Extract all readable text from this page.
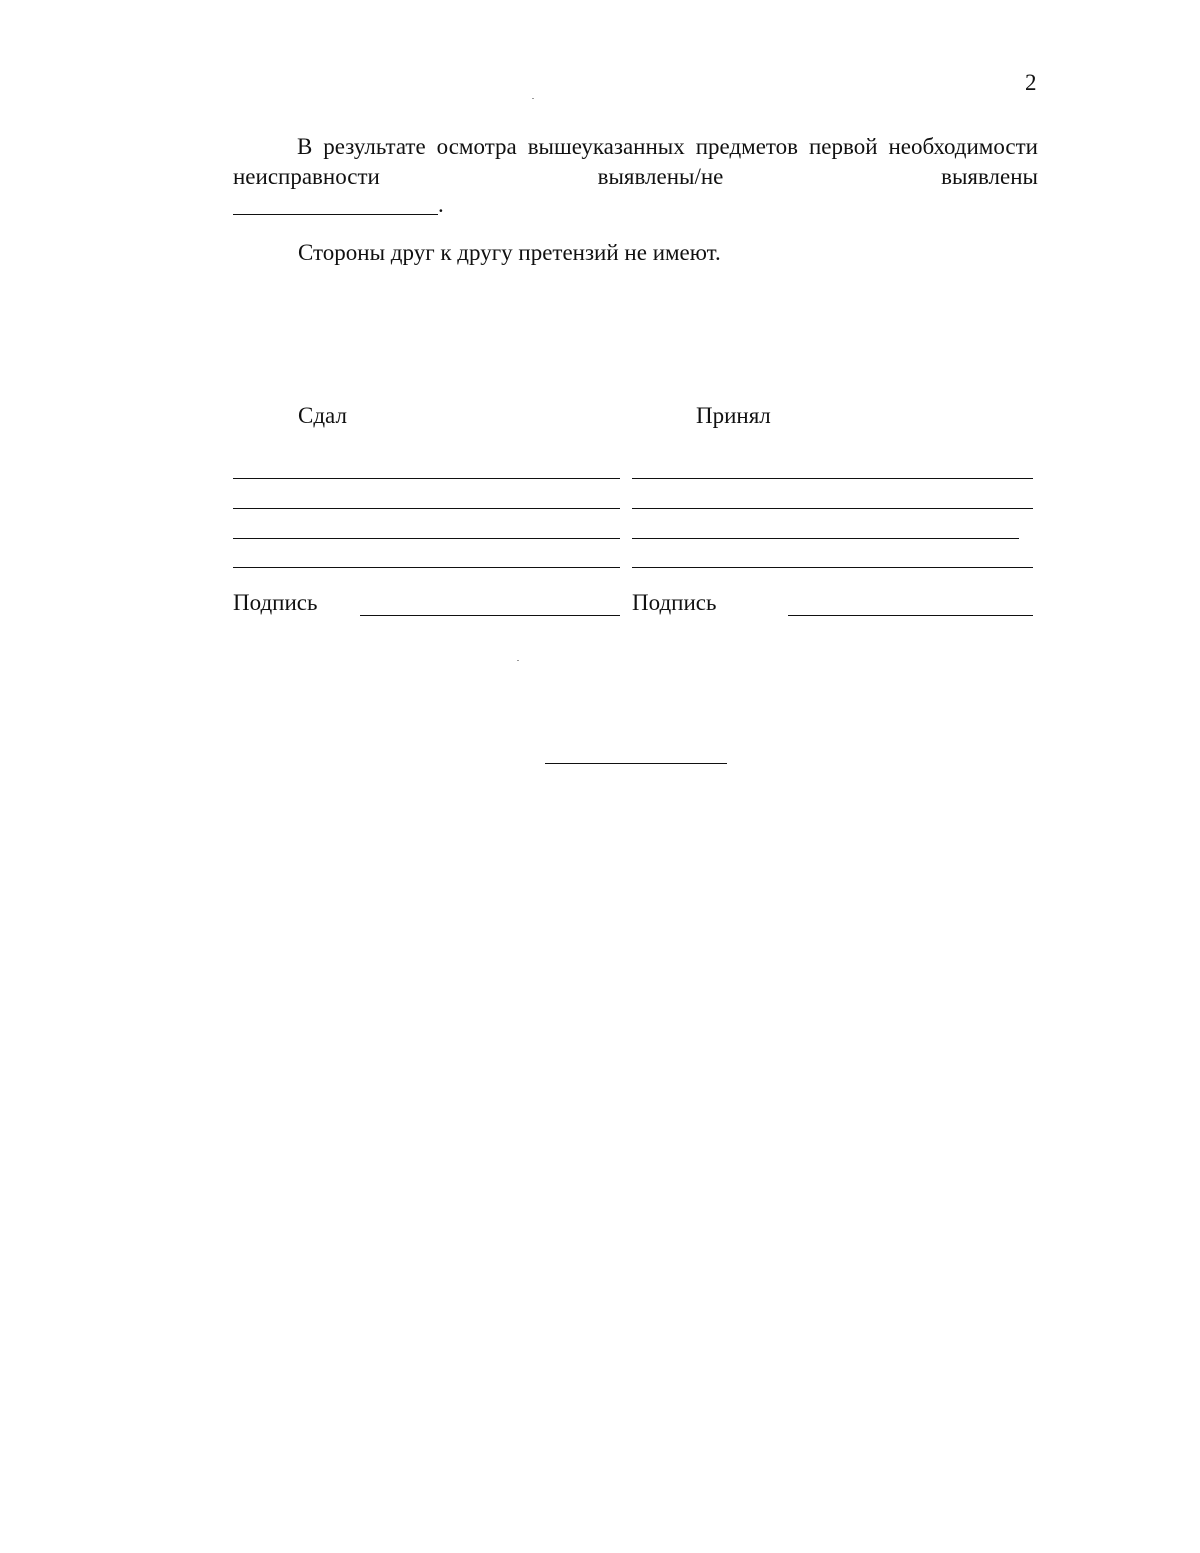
2
В результате осмотра вышеуказанных предметов первой необходимости неисправности выявлены/не выявлены
.
Стороны друг к другу претензий не имеют.
Сдал	Принял
Подпись	Подпись
